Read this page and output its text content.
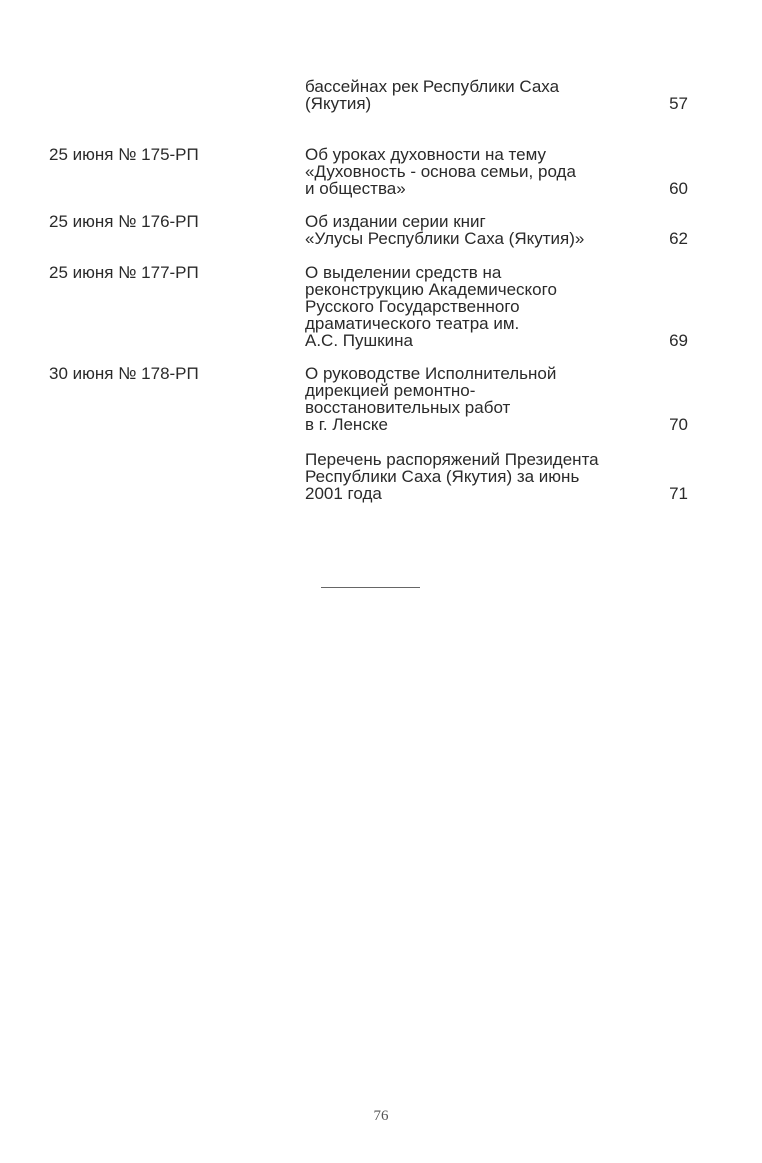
бассейнах рек Республики Саха
(Якутия)	57
25 июня № 175-РП	Об уроках духовности на тему
«Духовность - основа семьи, рода
и общества»	60
25 июня № 176-РП	Об издании серии книг
«Улусы Республики Саха (Якутия)»	62
25 июня № 177-РП	О выделении средств на
реконструкцию Академического
Русского Государственного
драматического театра им.
А.С. Пушкина	69
30 июня № 178-РП	О руководстве Исполнительной
дирекцией ремонтно-
восстановительных работ
в г. Ленске	70
Перечень распоряжений Президента
Республики Саха (Якутия) за июнь
2001 года	71
76
